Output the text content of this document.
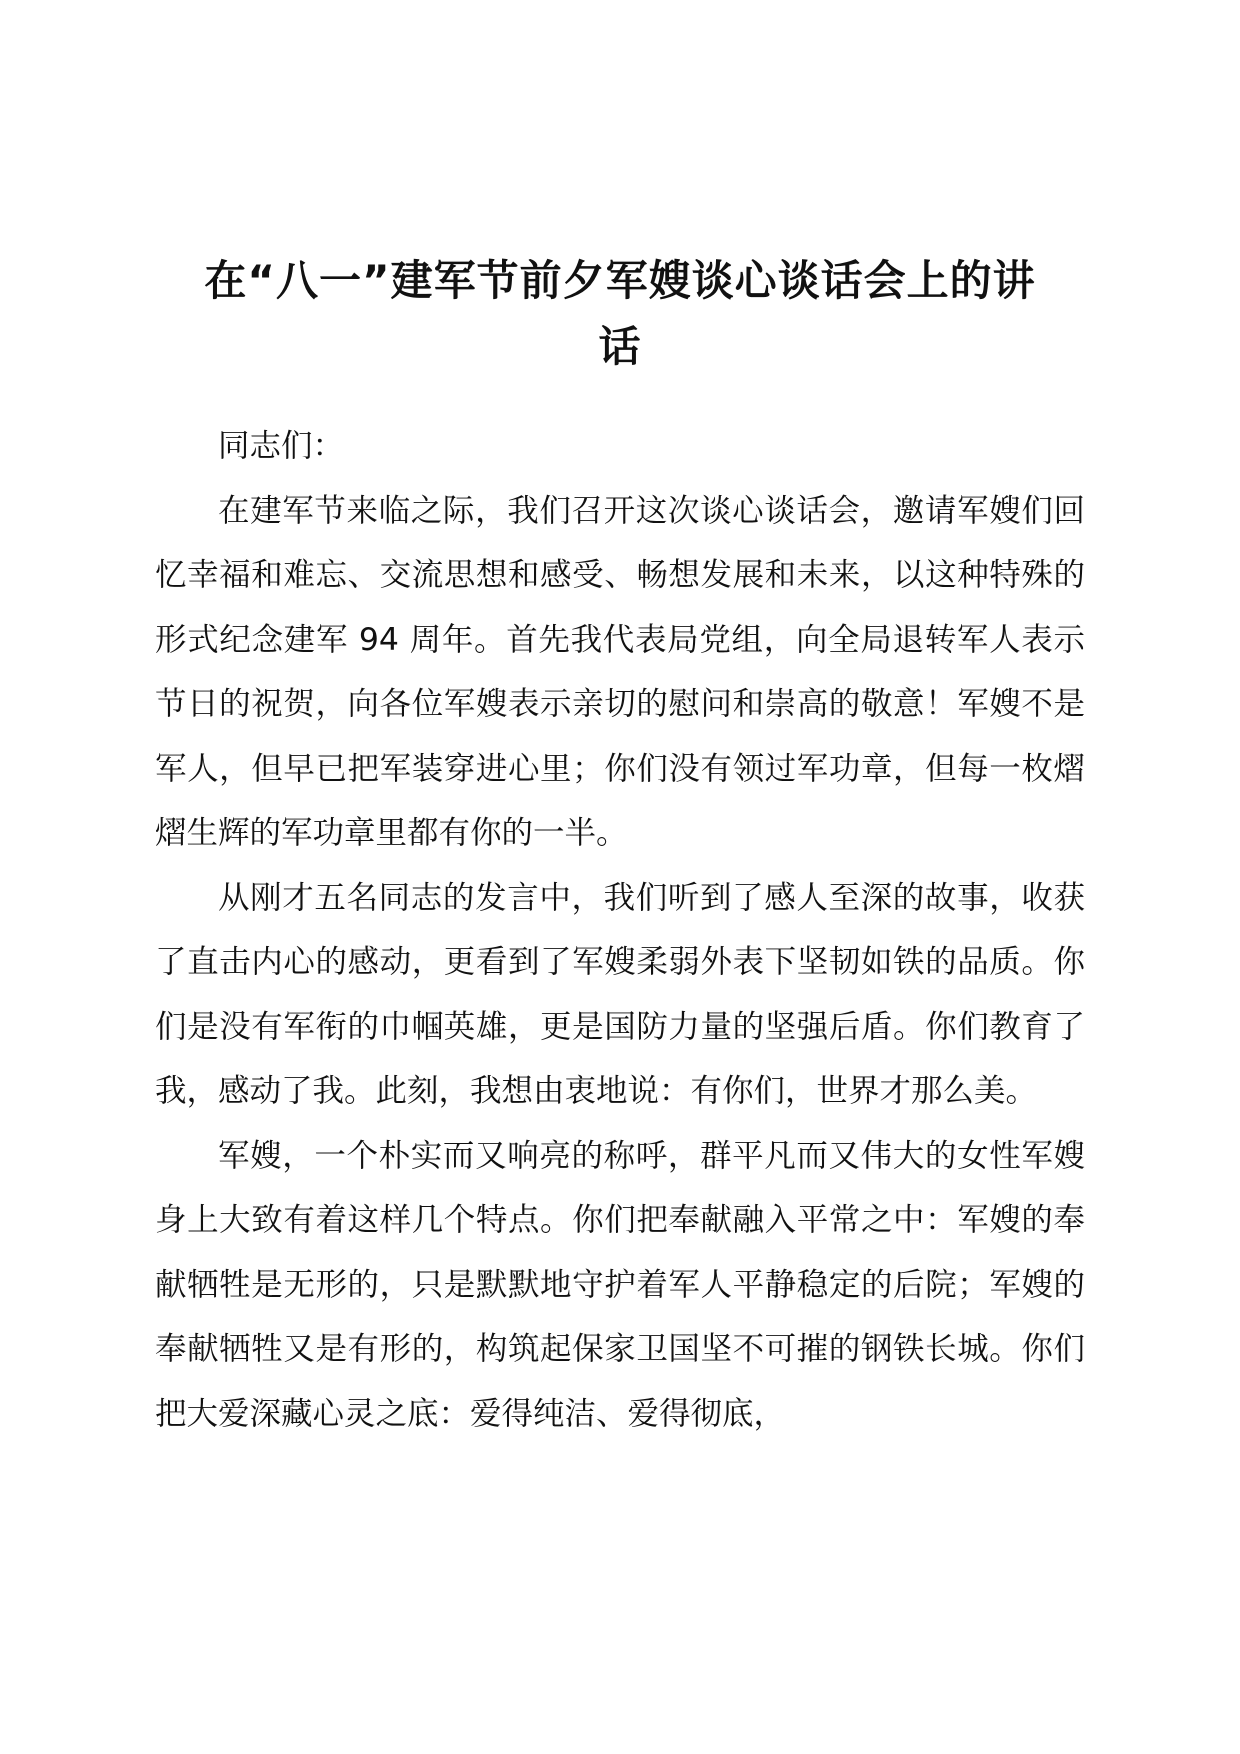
在“八一”建军节前夕军嫂谈心谈话会上的讲
话

同志们：

在建军节来临之际，我们召开这次谈心谈话会，邀请军嫂们回忆幸福和难忘、交流思想和感受、畅想发展和未来，以这种特殊的形式纪念建军 94 周年。首先我代表局党组，向全局退转军人表示节日的祝贺，向各位军嫂表示亲切的慰问和崇高的敬意！军嫂不是军人，但早已把军装穿进心里；你们没有领过军功章，但每一枚熠熠生辉的军功章里都有你的一半。

从刚才五名同志的发言中，我们听到了感人至深的故事，收获了直击内心的感动，更看到了军嫂柔弱外表下坚韧如铁的品质。你们是没有军衔的巾帼英雄，更是国防力量的坚强后盾。你们教育了我，感动了我。此刻，我想由衷地说：有你们，世界才那么美。

军嫂，一个朴实而又响亮的称呼，群平凡而又伟大的女性军嫂身上大致有着这样几个特点。你们把奉献融入平常之中：军嫂的奉献牺牲是无形的，只是默默地守护着军人平静稳定的后院；军嫂的奉献牺牲又是有形的，构筑起保家卫国坚不可摧的钢铁长城。你们把大爱深藏心灵之底：爱得纯洁、爱得彻底，
